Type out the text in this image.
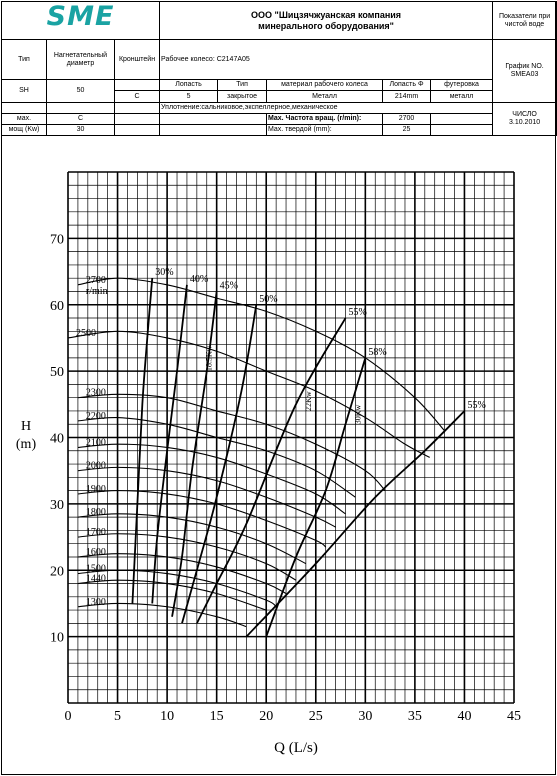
SME			ООО "Шицзячжуанская компания
минерального оборудования"					Показатели при чистой воде
Тип	Нагнетательный диаметр	Кронштейн	Рабочее колесо: C2147A05					График NO.
SMEA03

SH	50		Лопасть	Тип	материал рабочего колеса	Лопасть Φ	футеровка	
		C	5	закрытое	Металл	214mm	металл	
			Уплотнение:сальниковое,экспеллерное,механическое					ЧИСЛО
3.10.2010

мах.	C				Max. Частота вращ. (r/min):	2700		
мощ (Kw)	30				Max. твердой (mm):	25		
0	5	10	15	20	25	30	35	40	45
10
20
30
40
50
60
70
2700
2500
2300
2200
2100
2000
1900
1800
1700
1600
1500
1440
1300
r/min
30%
40%
45%
50%
55%
58%
55%
18.5Kw
22Kw
30Kw
Q (L/s)
H
(m)
